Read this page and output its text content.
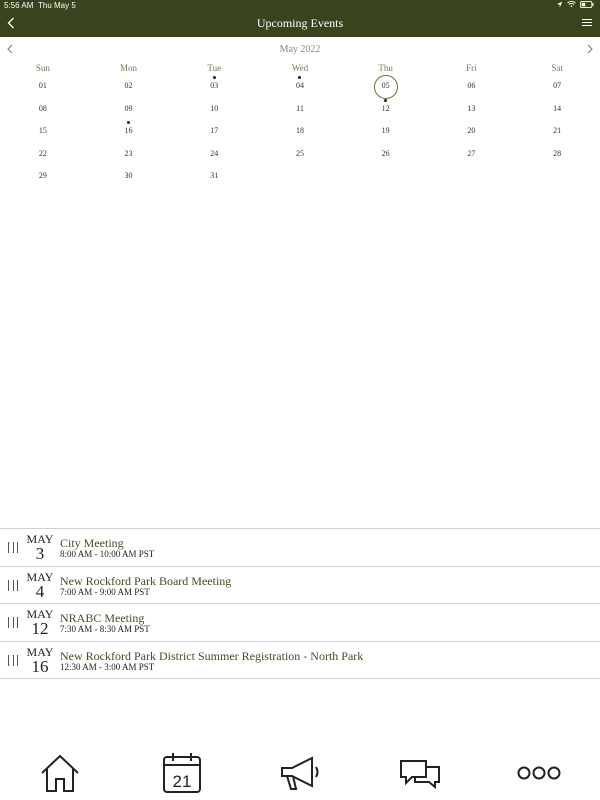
5:56 AM Thu May 5
Upcoming Events
May 2022
Sun	Mon	Tue	Wed	Thu	Fri	Sat
01	02	03	04	05	06	07
08	09	10	11	12	13	14
15	16	17	18	19	20	21
22	23	24	25	26	27	28
29	30	31
MAY
3
City Meeting
8:00 AM - 10:00 AM PST
MAY
4
New Rockford Park Board Meeting
7:00 AM - 9:00 AM PST
MAY
12
NRABC Meeting
7:30 AM - 8:30 AM PST
MAY
16
New Rockford Park District Summer Registration - North Park
12:30 AM - 3:00 AM PST
21
